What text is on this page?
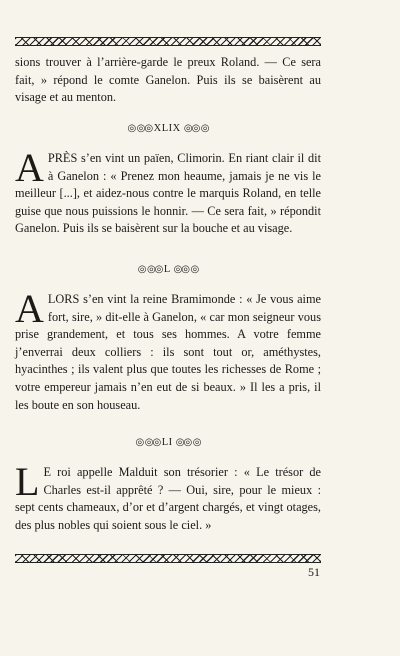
sions trouver à l’arrière-garde le preux Roland. — Ce sera fait, » répond le comte Ganelon. Puis ils se baisèrent au visage et au menton.

◎ ◎◎ XLIX ◎◎ ◎
A PRÈS s’en vint un païen, Climorin. En riant clair il dit à Ganelon : « Prenez mon heaume, jamais je ne vis le meilleur [...], et aidez-nous contre le marquis Roland, en telle guise que nous puissions le honnir. — Ce sera fait, » répondit Ganelon. Puis ils se baisèrent sur la bouche et au visage.

◎ ◎◎ L ◎◎ ◎
A LORS s’en vint la reine Bramimonde : « Je vous aime fort, sire, » dit-elle à Ganelon, « car mon seigneur vous prise grandement, et tous ses hommes. A votre femme j’enverrai deux colliers : ils sont tout or, améthystes, hyacinthes ; ils valent plus que toutes les richesses de Rome ; votre empereur jamais n’en eut de si beaux. » Il les a pris, il les boute en son houseau.

◎ ◎◎ LI ◎◎ ◎
L E roi appelle Malduit son trésorier : « Le trésor de Charles est-il apprêté ? — Oui, sire, pour le mieux : sept cents chameaux, d’or et d’argent chargés, et vingt otages, des plus nobles qui soient sous le ciel. »

51
